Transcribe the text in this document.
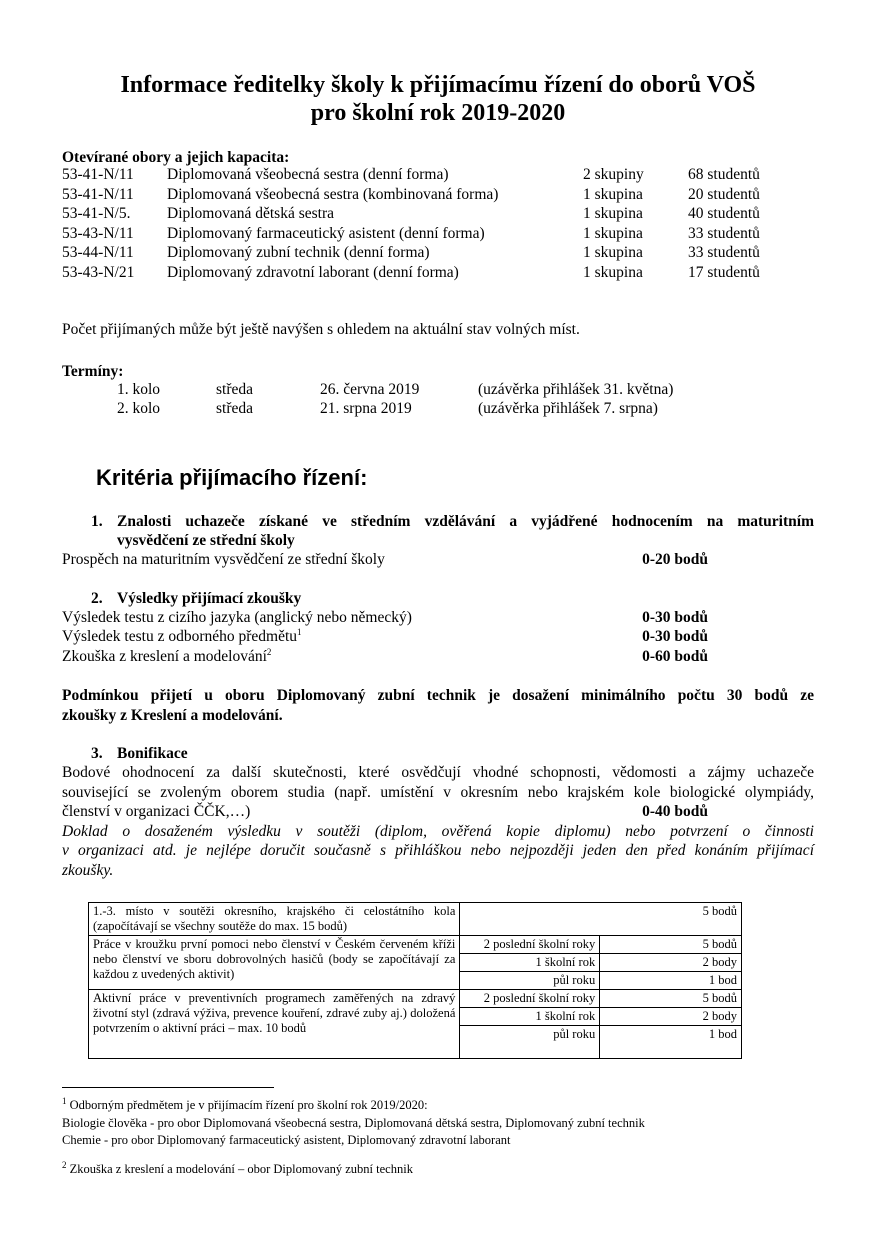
Informace ředitelky školy k přijímacímu řízení do oborů VOŠ
pro školní rok 2019-2020
Otevírané obory a jejich kapacita:
53-41-N/11 Diplomovaná všeobecná sestra (denní forma)	2 skupiny	68 studentů
53-41-N/11 Diplomovaná všeobecná sestra (kombinovaná forma)	1 skupina	20 studentů
53-41-N/5. Diplomovaná dětská sestra	1 skupina	40 studentů
53-43-N/11 Diplomovaný farmaceutický asistent (denní forma)	1 skupina	33 studentů
53-44-N/11 Diplomovaný zubní technik (denní forma)	1 skupina	33 studentů
53-43-N/21 Diplomovaný zdravotní laborant (denní forma)	1 skupina	17 studentů
Počet přijímaných může být ještě navýšen s ohledem na aktuální stav volných míst.
Termíny:
1. kolo	středa	26. června 2019	(uzávěrka přihlášek 31. května)
2. kolo	středa	21. srpna 2019	(uzávěrka přihlášek 7. srpna)
Kritéria přijímacího řízení:
1. Znalosti uchazeče získané ve středním vzdělávání a vyjádřené hodnocením na maturitním
vysvědčení ze střední školy
Prospěch na maturitním vysvědčení ze střední školy	0-20 bodů
2. Výsledky přijímací zkoušky
Výsledek testu z cizího jazyka (anglický nebo německý)	0-30 bodů
Výsledek testu z odborného předmětu$^1$	0-30 bodů
Zkouška z kreslení a modelování$^2$	0-60 bodů
Podmínkou přijetí u oboru Diplomovaný zubní technik je dosažení minimálního počtu 30 bodů ze
zkoušky z Kreslení a modelování.
3. Bonifikace
Bodové ohodnocení za další skutečnosti, které osvědčují vhodné schopnosti, vědomosti a zájmy uchazeče
související se zvoleným oborem studia (např. umístění v okresním nebo krajském kole biologické olympiády,
členství v organizaci ČČK,…)	0-40 bodů
Doklad o dosaženém výsledku v soutěži (diplom, ověřená kopie diplomu) nebo potvrzení o činnosti
v organizaci atd. je nejlépe doručit současně s přihláškou nebo nejpozději jeden den před konáním přijímací
zkoušky.
1.-3. místo v soutěži okresního, krajského či celostátního kola (započítávají se všechny soutěže do max. 15 bodů)	5 bodů	
Práce v kroužku první pomoci nebo členství v Českém červeném kříži nebo členství ve sboru dobrovolných hasičů (body se započítávají za každou z uvedených aktivit)	2 poslední školní roky	5 bodů
	1 školní rok	2 body
	půl roku	1 bod
Aktivní práce v preventivních programech zaměřených na zdravý životní styl (zdravá výživa, prevence kouření, zdravé zuby aj.) doložená potvrzením o aktivní práci – max. 10 bodů	2 poslední školní roky	5 bodů
	1 školní rok	2 body
	půl roku	1 bod
$^1$ Odborným předmětem je v přijímacím řízení pro školní rok 2019/2020:
Biologie člověka - pro obor Diplomovaná všeobecná sestra, Diplomovaná dětská sestra, Diplomovaný zubní technik
Chemie - pro obor Diplomovaný farmaceutický asistent, Diplomovaný zdravotní laborant
$^2$ Zkouška z kreslení a modelování – obor Diplomovaný zubní technik
